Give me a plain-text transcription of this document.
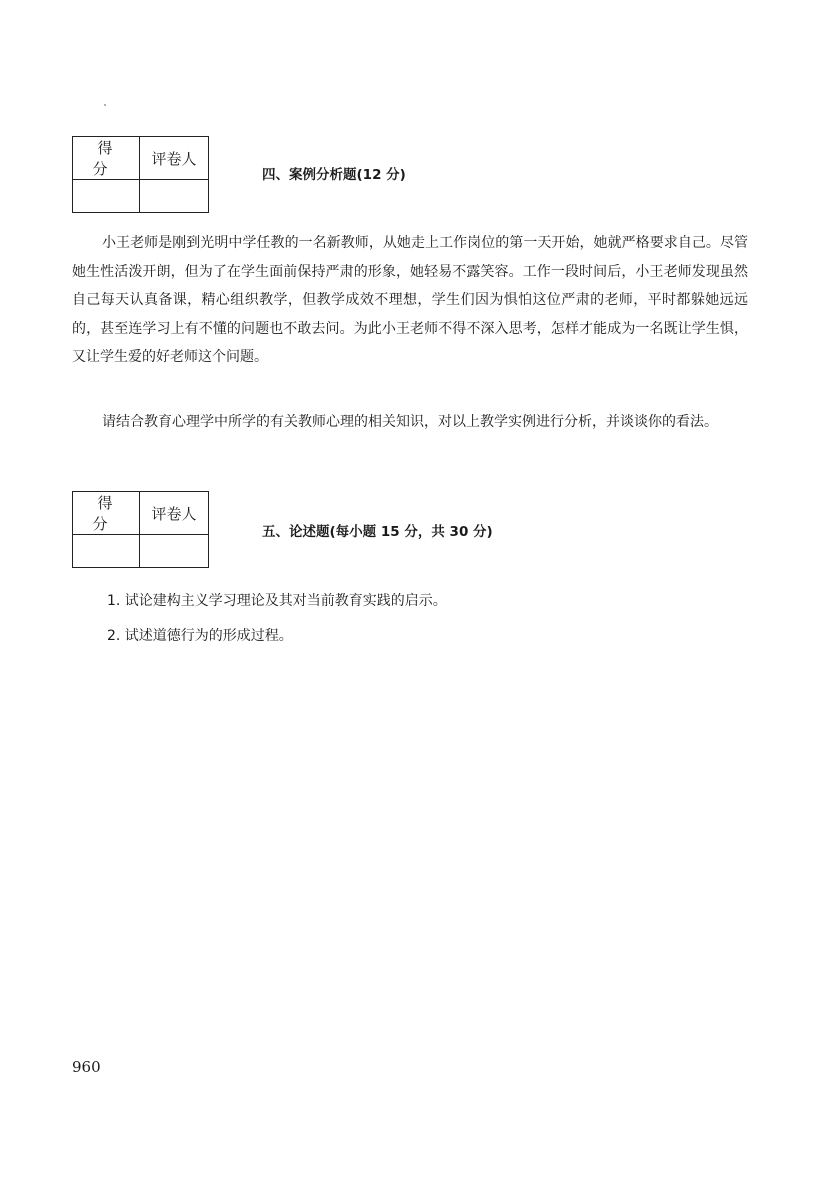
得 分	评卷人

四、案例分析题(12 分)

小王老师是刚到光明中学任教的一名新教师，从她走上工作岗位的第一天开始，她就严格要求自己。尽管她生性活泼开朗，但为了在学生面前保持严肃的形象，她轻易不露笑容。工作一段时间后，小王老师发现虽然自己每天认真备课，精心组织教学，但教学成效不理想，学生们因为惧怕这位严肃的老师，平时都躲她远远的，甚至连学习上有不懂的问题也不敢去问。为此小王老师不得不深入思考，怎样才能成为一名既让学生惧，又让学生爱的好老师这个问题。

请结合教育心理学中所学的有关教师心理的相关知识，对以上教学实例进行分析，并谈谈你的看法。

得 分	评卷人

五、论述题(每小题 15 分，共 30 分)
1. 试论建构主义学习理论及其对当前教育实践的启示。
2. 试述道德行为的形成过程。
960
